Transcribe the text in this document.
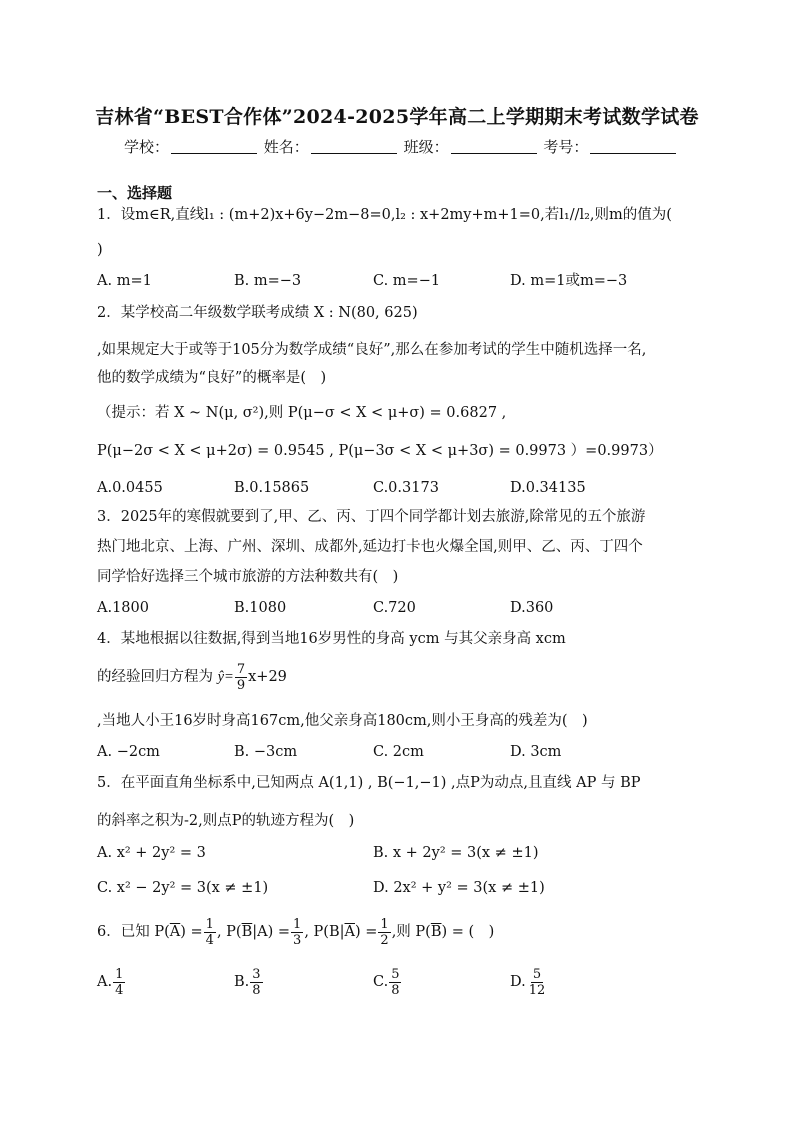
吉林省“BEST合作体”2024-2025学年高二上学期期末考试数学试卷
学校：	姓名：	班级：	考号：
一、选择题
1．设m∈R,直线l₁ : (m+2)x+6y−2m−8=0,l₂ : x+2my+m+1=0,若l₁//l₂,则m的值为(
)
A. m=1	B. m=−3	C. m=−1	D. m=1或m=−3
2．某学校高二年级数学联考成绩 X : N(80, 625)
,如果规定大于或等于105分为数学成绩“良好”,那么在参加考试的学生中随机选择一名,
他的数学成绩为“良好”的概率是(　)
（提示：若 X ~ N(μ, σ²),则 P(μ−σ < X < μ+σ) = 0.6827 ,
P(μ−2σ < X < μ+2σ) = 0.9545 , P(μ−3σ < X < μ+3σ) = 0.9973 ）=0.9973）
A.0.0455	B.0.15865	C.0.3173	D.0.34135
3．2025年的寒假就要到了,甲、乙、丙、丁四个同学都计划去旅游,除常见的五个旅游
热门地北京、上海、广州、深圳、成都外,延边打卡也火爆全国,则甲、乙、丙、丁四个
同学恰好选择三个城市旅游的方法种数共有(　)
A.1800	B.1080	C.720	D.360
4．某地根据以往数据,得到当地16岁男性的身高 ycm 与其父亲身高 xcm
的经验回归方程为 ŷ= $\frac{7}{9} x+29$
,当地人小王16岁时身高167cm,他父亲身高180cm,则小王身高的残差为(　)
A. −2cm	B. −3cm	C. 2cm	D. 3cm
5．在平面直角坐标系中,已知两点 A(1,1) , B(−1,−1) ,点P为动点,且直线 AP 与 BP
的斜率之积为-2,则点P的轨迹方程为(　)
A. x² + 2y² = 3	B. x + 2y² = 3(x ≠ ±1)
C. x² − 2y² = 3(x ≠ ±1)	D. 2x² + y² = 3(x ≠ ±1)
6．已知 $P(\overline{A}) = \frac{1}{4}$ , $P(\overline{B}|A) = \frac{1}{3}$ , $P(B|\overline{A}) = \frac{1}{2}$ ,则 $P(\overline{B})$ = (　)
A. $\frac{1}{4}$	B. $\frac{3}{8}$	C. $\frac{5}{8}$	D. $\frac{5}{12}$
